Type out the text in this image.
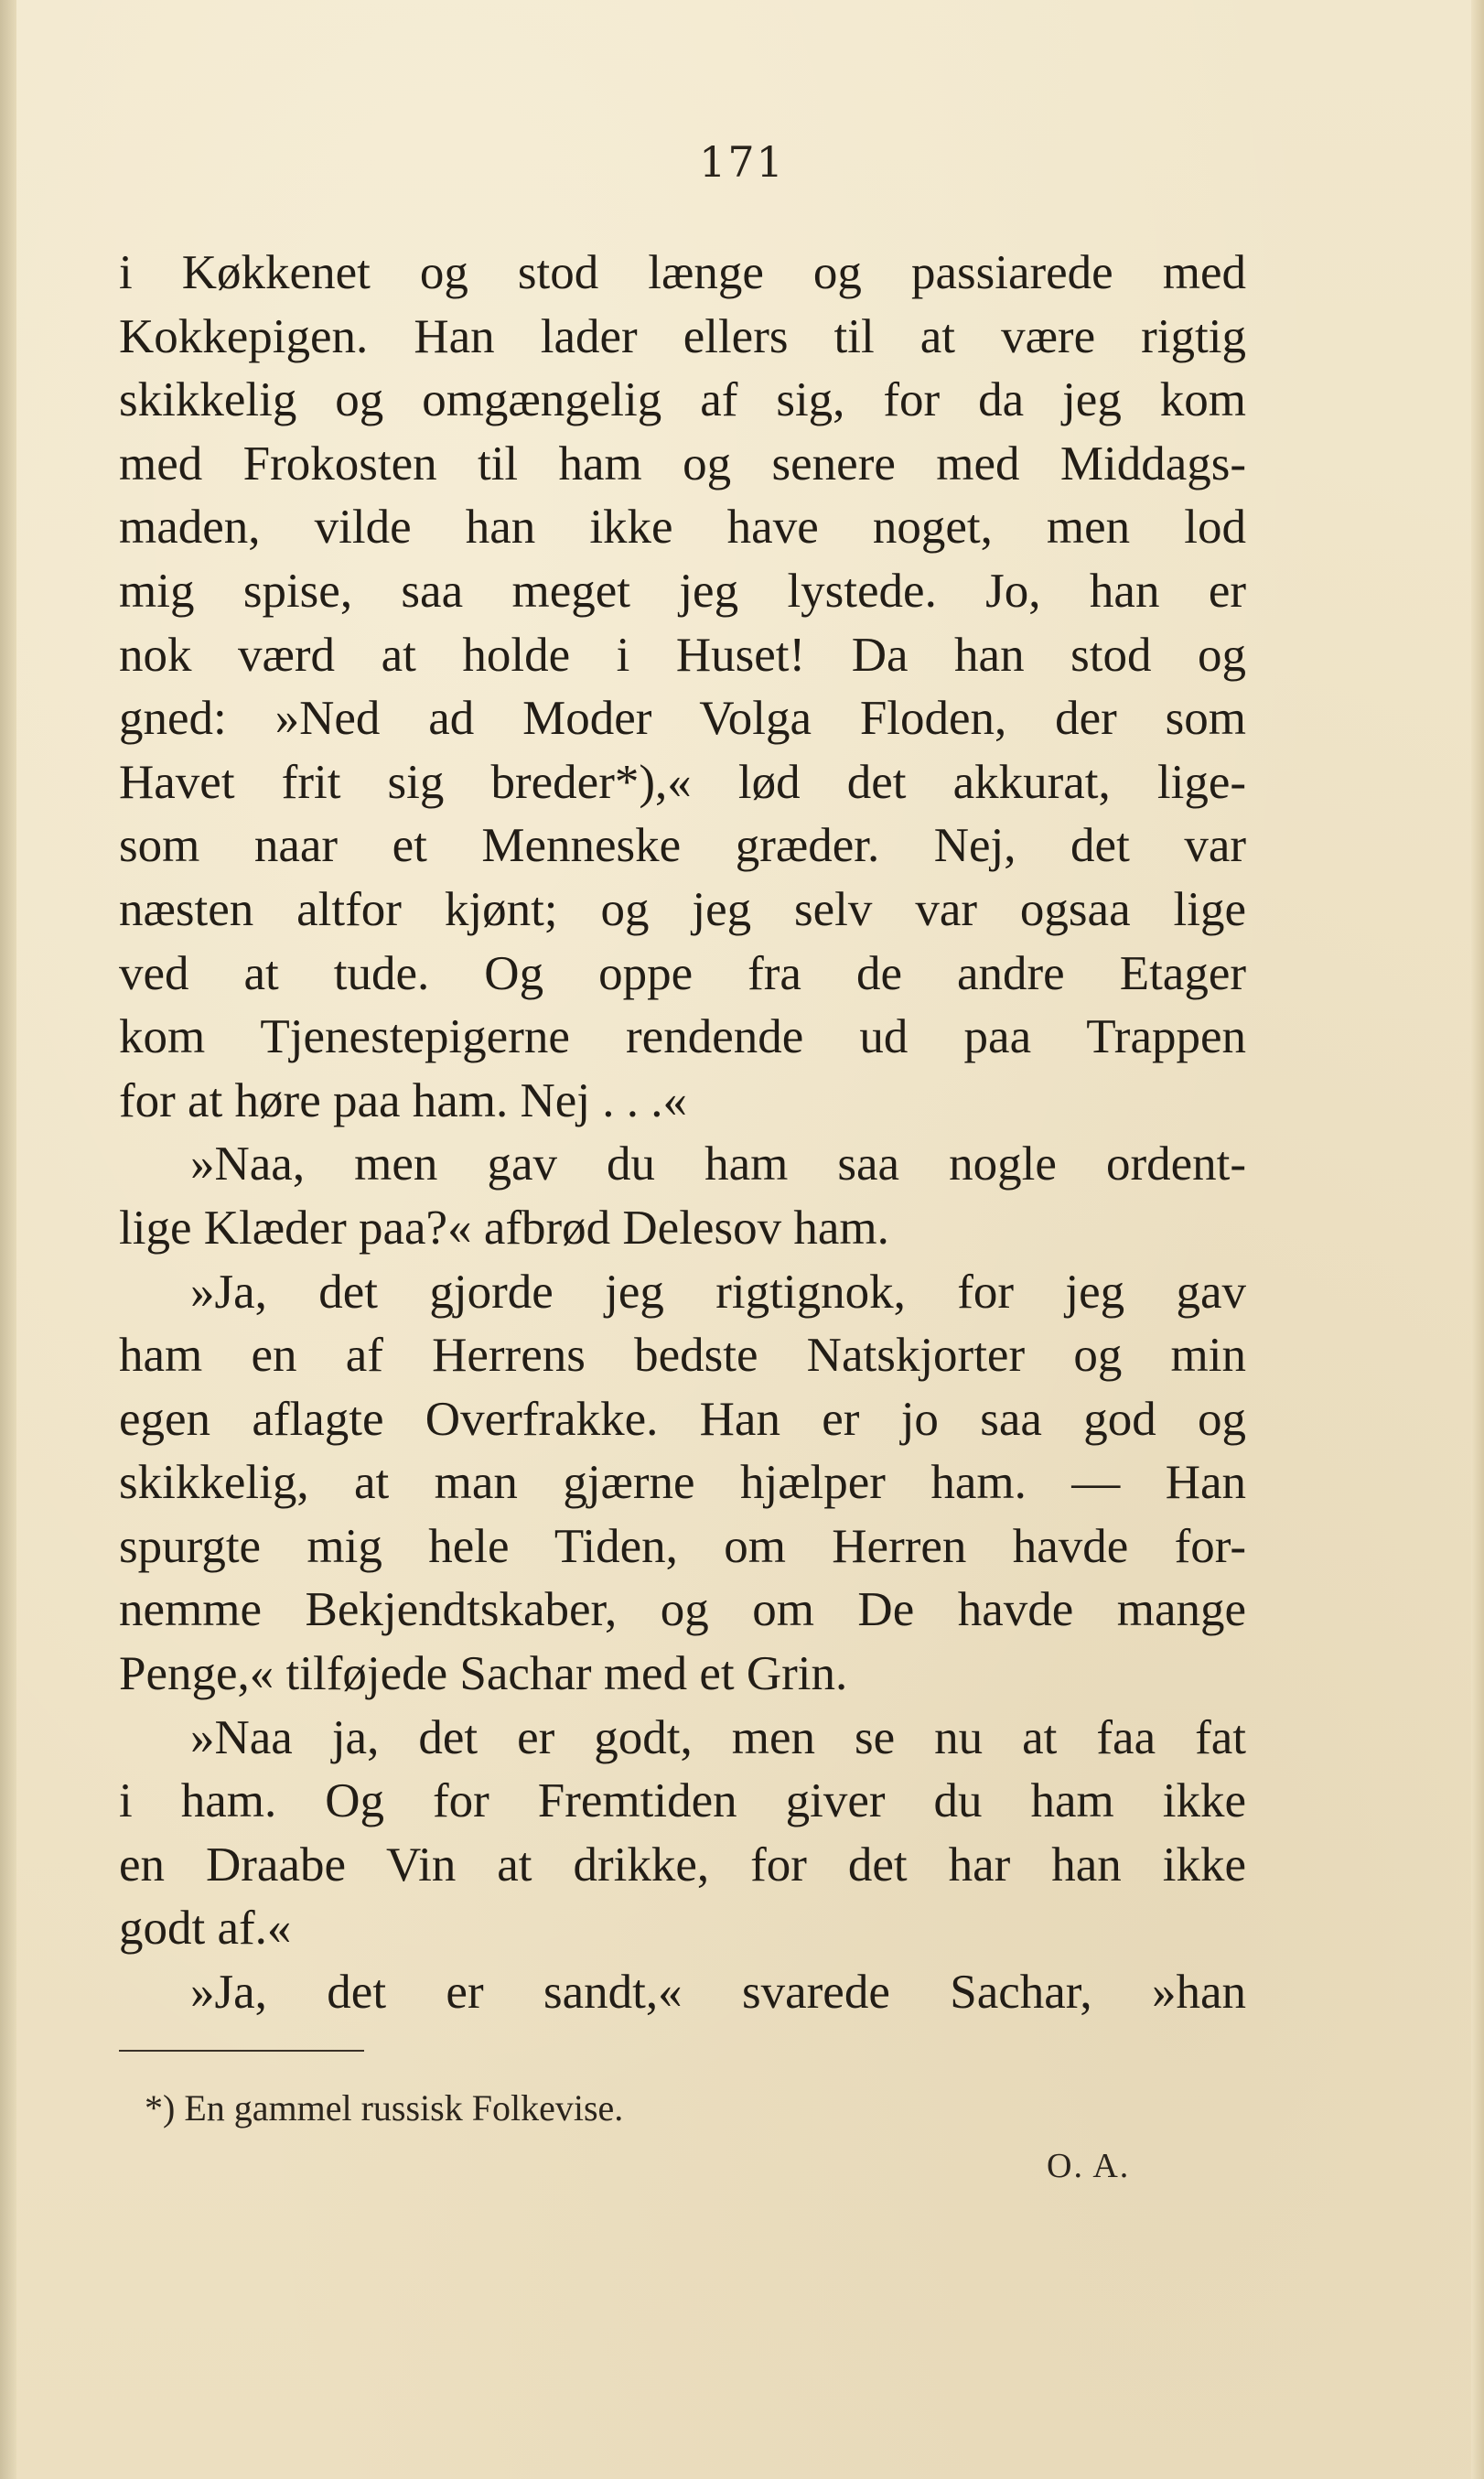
171
i Køkkenet og stod længe og passiarede med
Kokkepigen. Han lader ellers til at være rigtig
skikkelig og omgængelig af sig, for da jeg kom
med Frokosten til ham og senere med Middags-
maden, vilde han ikke have noget, men lod
mig spise, saa meget jeg lystede. Jo, han er
nok værd at holde i Huset! Da han stod og
gned: »Ned ad Moder Volga Floden, der som
Havet frit sig breder*),« lød det akkurat, lige-
som naar et Menneske græder. Nej, det var
næsten altfor kjønt; og jeg selv var ogsaa lige
ved at tude. Og oppe fra de andre Etager
kom Tjenestepigerne rendende ud paa Trappen
for at høre paa ham. Nej . . .«
»Naa, men gav du ham saa nogle ordent-
lige Klæder paa?« afbrød Delesov ham.
»Ja, det gjorde jeg rigtignok, for jeg gav
ham en af Herrens bedste Natskjorter og min
egen aflagte Overfrakke. Han er jo saa god og
skikkelig, at man gjærne hjælper ham. — Han
spurgte mig hele Tiden, om Herren havde for-
nemme Bekjendtskaber, og om De havde mange
Penge,« tilføjede Sachar med et Grin.
»Naa ja, det er godt, men se nu at faa fat
i ham. Og for Fremtiden giver du ham ikke
en Draabe Vin at drikke, for det har han ikke
godt af.«
»Ja, det er sandt,« svarede Sachar, »han
*) En gammel russisk Folkevise.
O. A.
